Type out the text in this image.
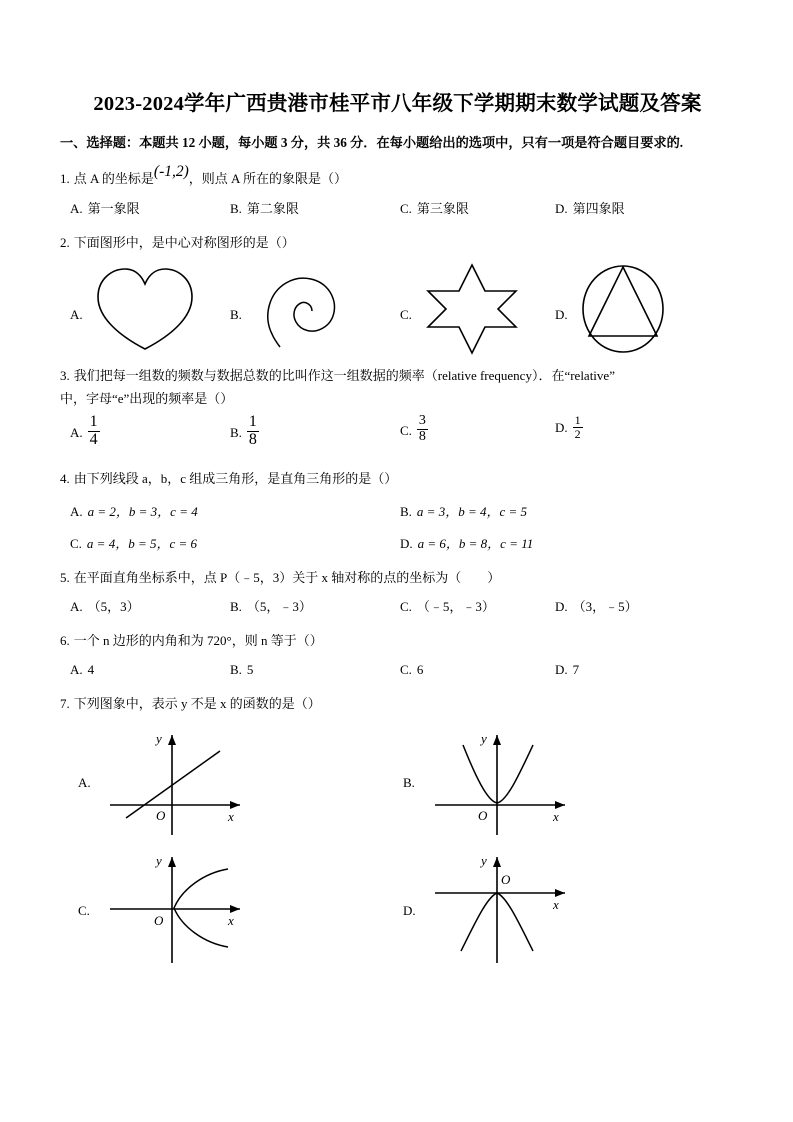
2023-2024学年广西贵港市桂平市八年级下学期期末数学试题及答案

一、选择题：本题共 12 小题，每小题 3 分，共 36 分．在每小题给出的选项中，只有一项是符合题目要求的.

1. 点 A 的坐标是(-1,2)，则点 A 所在的象限是（）

A. 第一象限	B. 第二象限	C. 第三象限	D. 第四象限

2. 下面图形中，是中心对称图形的是（）

A.	B.	C.	D.

3. 我们把每一组数的频数与数据总数的比叫作这一组数据的频率（relative frequency）．在“relative”

中，字母“e”出现的频率是（）

A. $\frac{1}{4}$	B. $\frac{1}{8}$	C. $\frac{3}{8}$	D. $\frac{1}{2}$

4. 由下列线段 a，b，c 组成三角形，是直角三角形的是（）

A. a = 2，b = 3，c = 4	B. a = 3，b = 4，c = 5
C. a = 4，b = 5，c = 6	D. a = 6，b = 8，c = 11

5. 在平面直角坐标系中，点 P（﹣5，3）关于 x 轴对称的点的坐标为（　　）

A. （5，3）	B. （5，﹣3）	C. （﹣5，﹣3）	D. （3，﹣5）

6. 一个 n 边形的内角和为 720°，则 n 等于（）

A. 4	B. 5	C. 6	D. 7

7. 下列图象中，表示 y 不是 x 的函数的是（）

A.
y
x
O
B.
y
x
O
C.
y
x
O
D.
y
x
O
